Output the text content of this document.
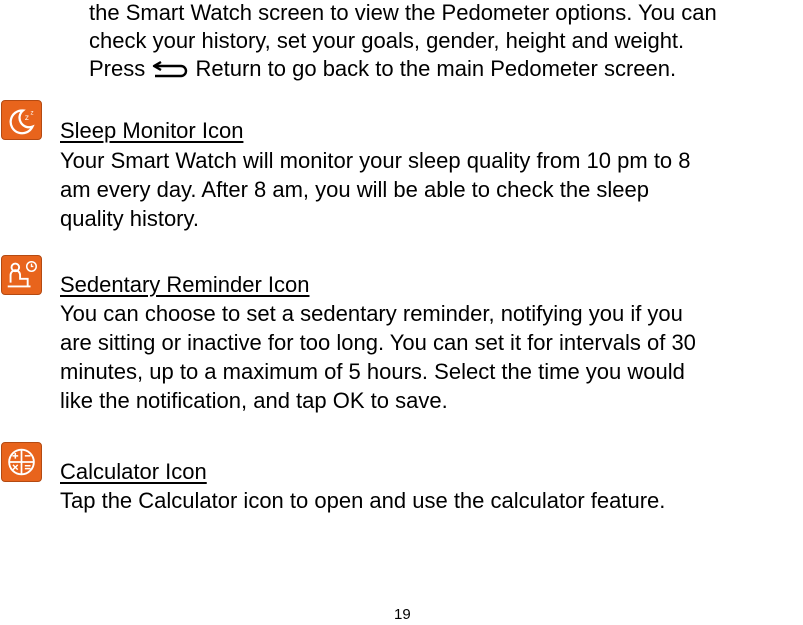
the Smart Watch screen to view the Pedometer options. You can
check your history, set your goals, gender, height and weight.
Press Return to go back to the main Pedometer screen.
z z
Sleep Monitor Icon
Your Smart Watch will monitor your sleep quality from 10 pm to 8
am every day. After 8 am, you will be able to check the sleep
quality history.
Sedentary Reminder Icon
You can choose to set a sedentary reminder, notifying you if you
are sitting or inactive for too long. You can set it for intervals of 30
minutes, up to a maximum of 5 hours. Select the time you would
like the notification, and tap OK to save.
Calculator Icon
Tap the Calculator icon to open and use the calculator feature.
19
